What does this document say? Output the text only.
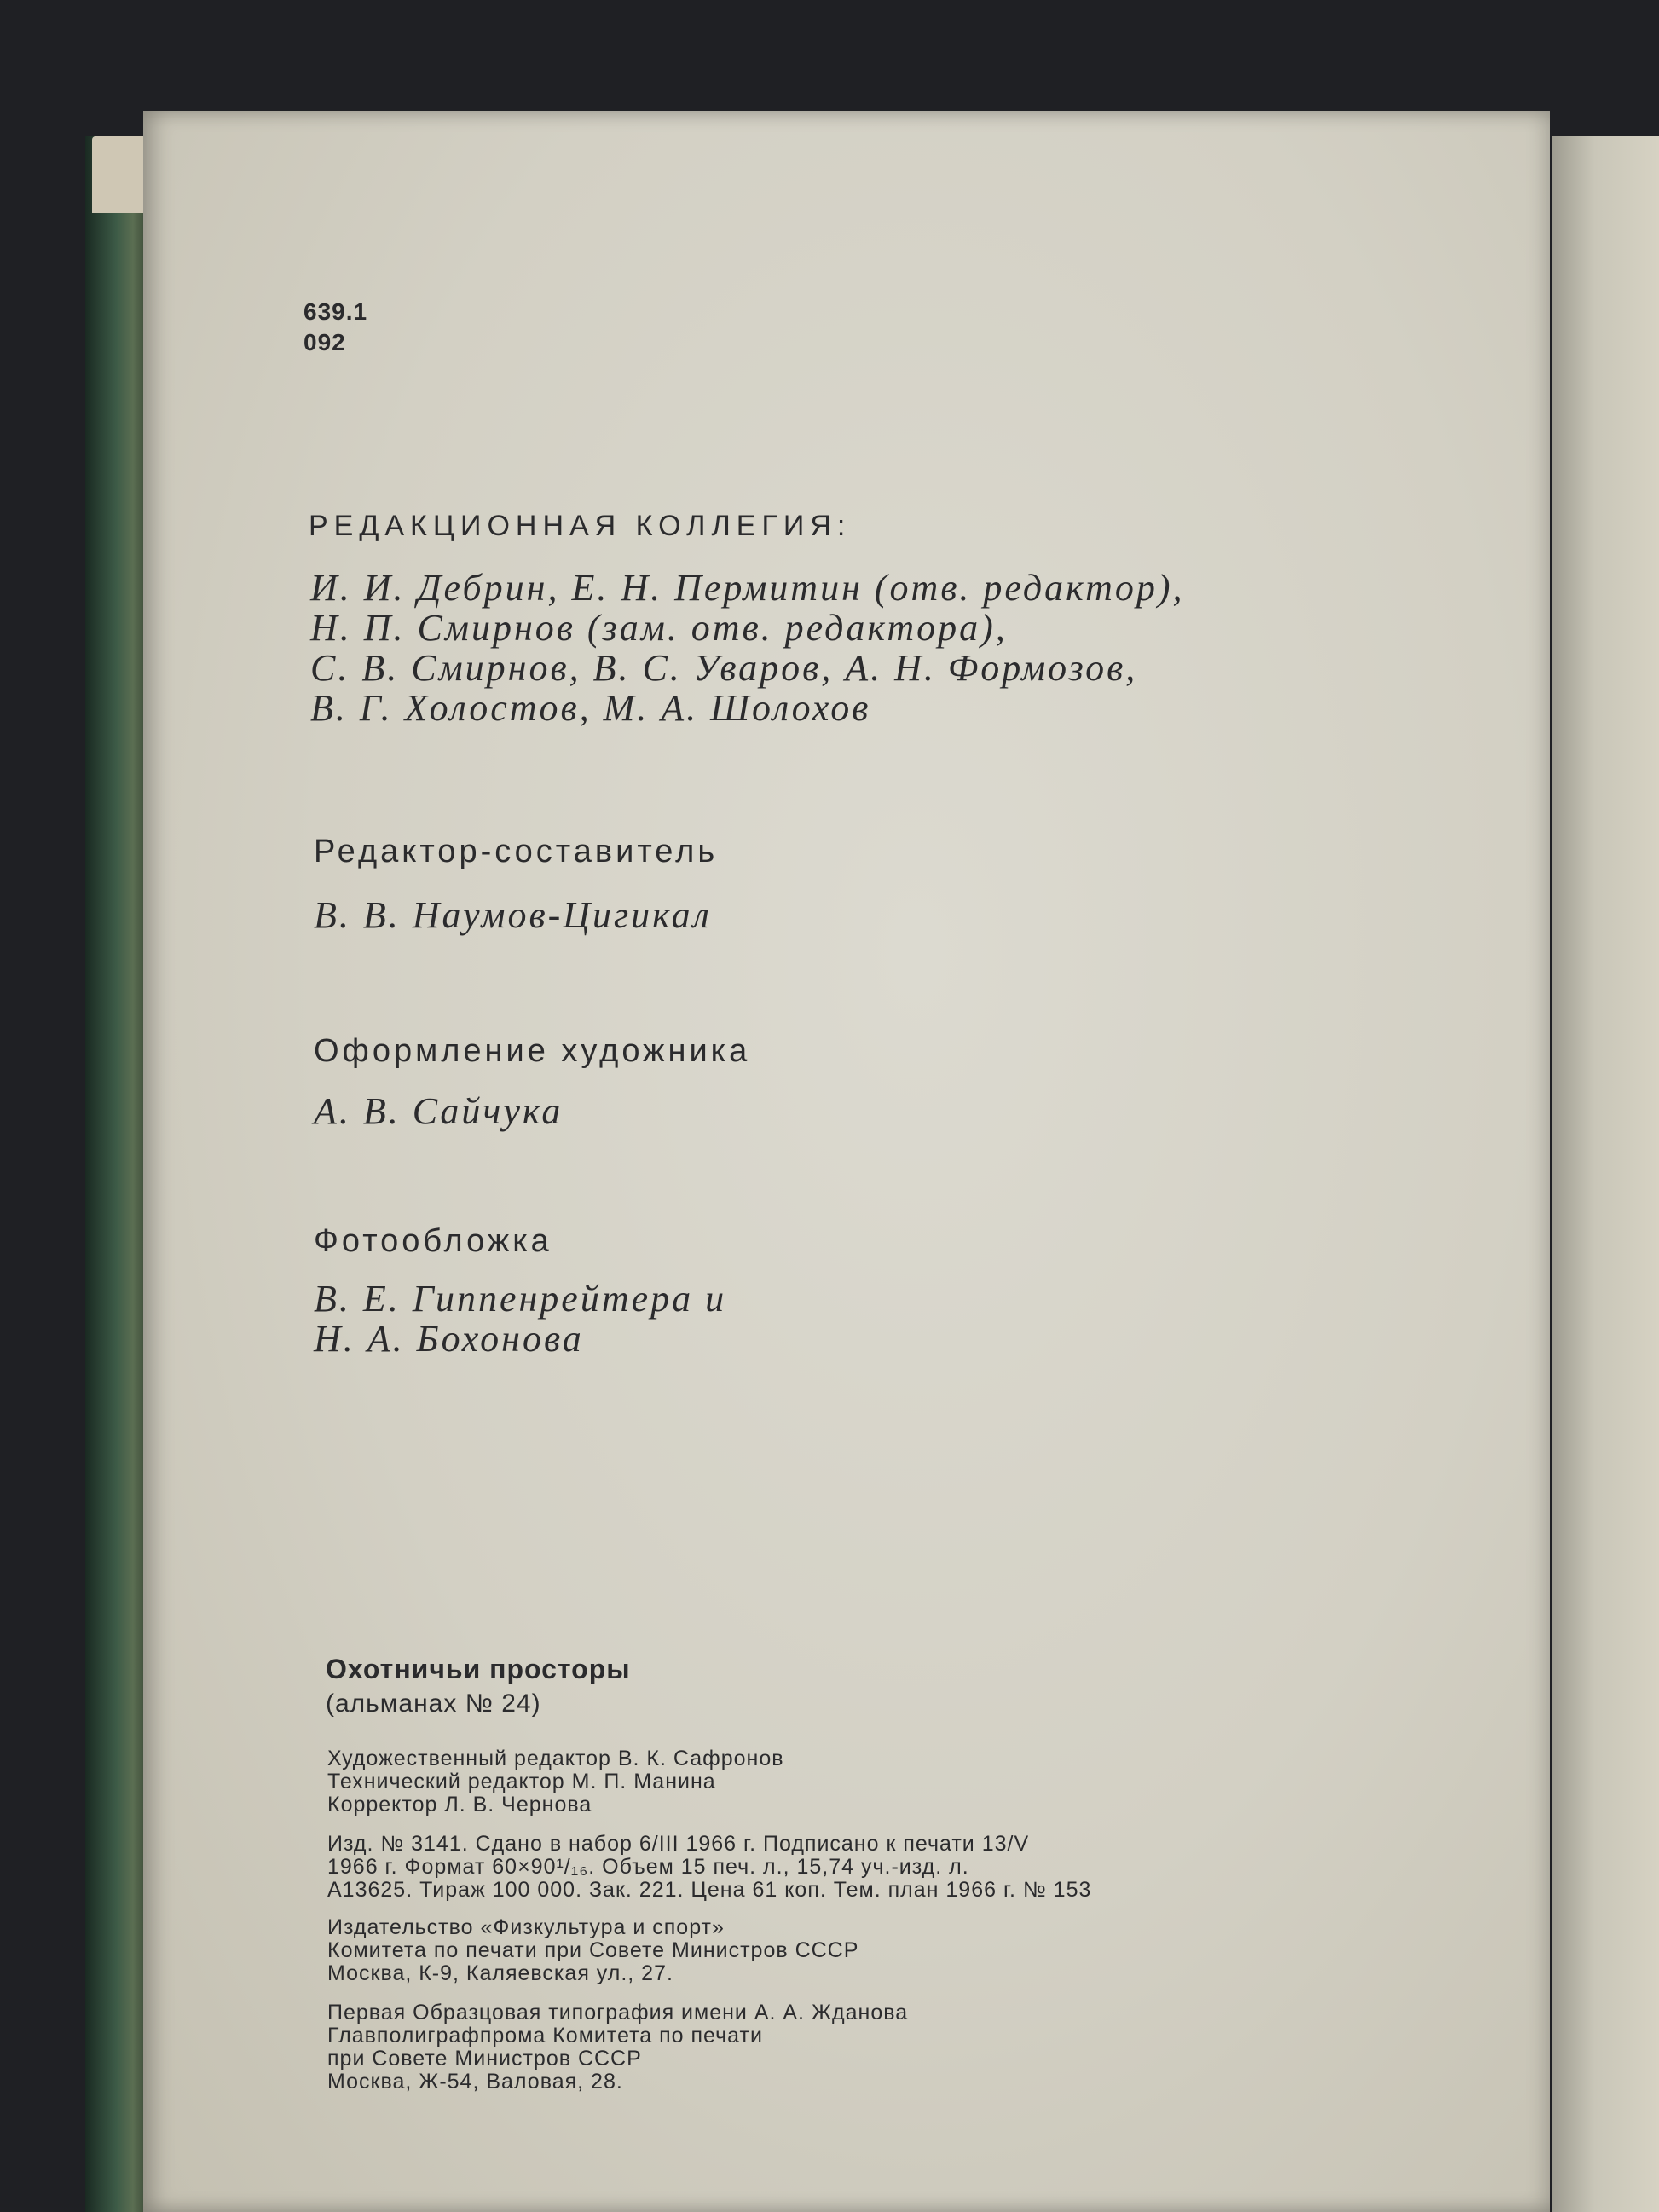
639.1
092
РЕДАКЦИОННАЯ КОЛЛЕГИЯ:
И. И. Дебрин, Е. Н. Пермитин (отв. редактор),
Н. П. Смирнов (зам. отв. редактора),
С. В. Смирнов, В. С. Уваров, А. Н. Формозов,
В. Г. Холостов, М. А. Шолохов
Редактор-составитель
В. В. Наумов-Цигикал
Оформление художника
А. В. Сайчука
Фотообложка
В. Е. Гиппенрейтера и
Н. А. Бохонова
Охотничьи просторы
(альманах № 24)
Художественный редактор В. К. Сафронов
Технический редактор М. П. Манина
Корректор Л. В. Чернова
Изд. № 3141. Сдано в набор 6/III 1966 г. Подписано к печати 13/V
1966 г. Формат 60×90¹/₁₆. Объем 15 печ. л., 15,74 уч.-изд. л.
А13625. Тираж 100 000. Зак. 221. Цена 61 коп. Тем. план 1966 г. № 153
Издательство «Физкультура и спорт»
Комитета по печати при Совете Министров СССР
Москва, К-9, Каляевская ул., 27.
Первая Образцовая типография имени А. А. Жданова
Главполиграфпрома Комитета по печати
при Совете Министров СССР
Москва, Ж-54, Валовая, 28.
